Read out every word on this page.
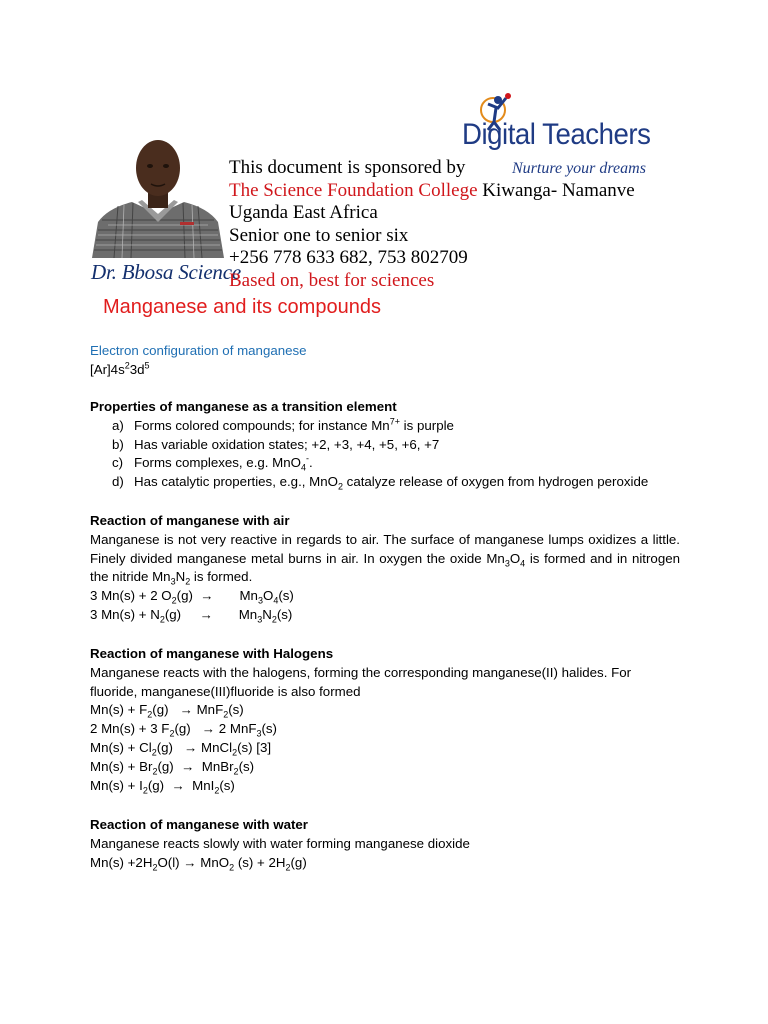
Dr. Bbosa Science
Digital Teachers
Nurture your dreams
This document is sponsored by
The Science Foundation College Kiwanga- Namanve
Uganda East Africa
Senior one to senior six
+256 778 633 682, 753 802709
Based on, best for sciences
Manganese and its compounds
Electron configuration of manganese
$[Ar]4s^23d^5$
Properties of manganese as a transition element
a) Forms colored compounds; for instance $Mn^{7+}$ is purple
b) Has variable oxidation states; +2, +3, +4, +5, +6, +7
c) Forms complexes, e.g. MnO$_4$-.
d) Has catalytic properties, e.g., MnO$_2$ catalyze release of oxygen from hydrogen peroxide
Reaction of manganese with air
Manganese is not very reactive in regards to air. The surface of manganese lumps oxidizes a little. Finely divided manganese metal burns in air. In oxygen the oxide $Mn_3O_4$ is formed and in nitrogen the nitride $Mn_3N_2$ is formed.
3 Mn(s) + 2 $O_2(g)$  →       $Mn_3O_4(s)$
3 $Mn(s) + N_2(g)$     →       $Mn_3N_2(s)$
Reaction of manganese with Halogens
Manganese reacts with the halogens, forming the corresponding manganese(II) halides. For fluoride, manganese(III)fluoride is also formed
$Mn(s) + F_2(g) \to MnF_2(s)$
2 Mn(s) + 3 $F_2(g) \to 2$ MnF$_3$(s)
$Mn(s) + Cl_2(g)$   → MnCl$_2$(s) [3]
$Mn(s) + Br_2(g)$  →  MnBr$_2$(s)
$Mn(s) + I_2(g) \to MnI_2(s)$
Reaction of manganese with water
Manganese reacts slowly with water forming manganese dioxide
$Mn(s) +2H_2O(l) \to MnO_2$ $(s) + 2H_2(g)$
